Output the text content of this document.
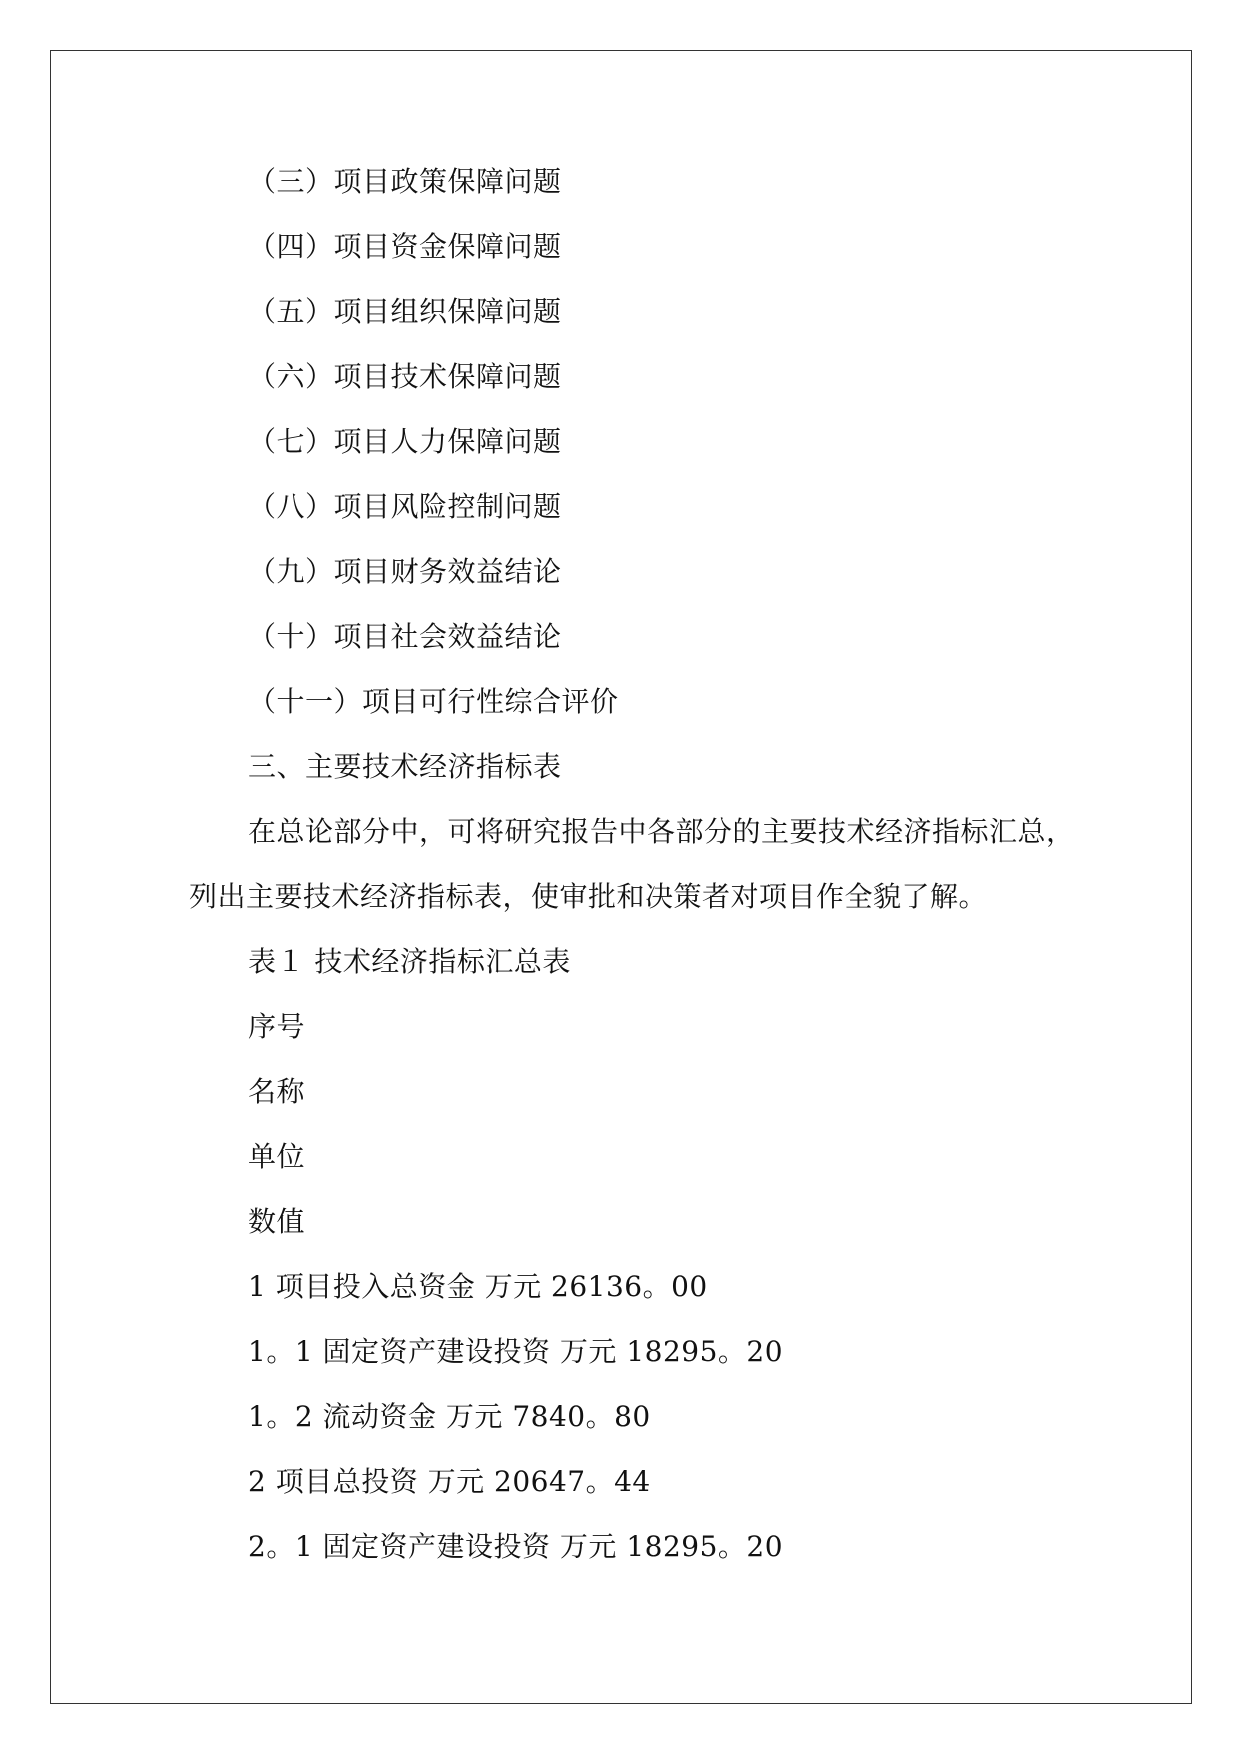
（三）项目政策保障问题
（四）项目资金保障问题
（五）项目组织保障问题
（六）项目技术保障问题
（七）项目人力保障问题
（八）项目风险控制问题
（九）项目财务效益结论
（十）项目社会效益结论
（十一）项目可行性综合评价
三、主要技术经济指标表
在总论部分中，可将研究报告中各部分的主要技术经济指标汇总，
列出主要技术经济指标表，使审批和决策者对项目作全貌了解。
表１ 技术经济指标汇总表
序号
名称
单位
数值
1 项目投入总资金 万元 26136。00
1。1 固定资产建设投资 万元 18295。20
1。2 流动资金 万元 7840。80
2 项目总投资 万元 20647。44
2。1 固定资产建设投资 万元 18295。20
